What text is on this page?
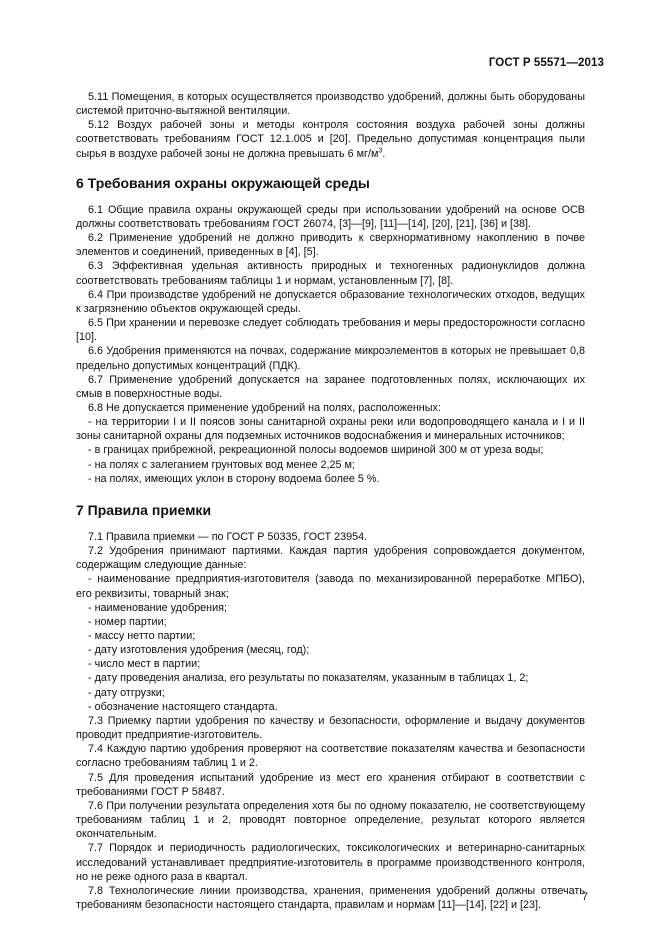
ГОСТ Р 55571—2013

5.11 Помещения, в которых осуществляется производство удобрений, должны быть оборудованы системой приточно-вытяжной вентиляции.

5.12 Воздух рабочей зоны и методы контроля состояния воздуха рабочей зоны должны соответствовать требованиям ГОСТ 12.1.005 и [20]. Предельно допустимая концентрация пыли сырья в воздухе рабочей зоны не должна превышать 6 $мг/м^3$.

6 Требования охраны окружающей среды

6.1 Общие правила охраны окружающей среды при использовании удобрений на основе ОСВ должны соответствовать требованиям ГОСТ 26074, [3]—[9], [11]—[14], [20], [21], [36] и [38].

6.2 Применение удобрений не должно приводить к сверхнормативному накоплению в почве элементов и соединений, приведенных в [4], [5].

6.3 Эффективная удельная активность природных и техногенных радионуклидов должна соответствовать требованиям таблицы 1 и нормам, установленным [7], [8].

6.4 При производстве удобрений не допускается образование технологических отходов, ведущих к загрязнению объектов окружающей среды.

6.5 При хранении и перевозке следует соблюдать требования и меры предосторожности согласно [10].

6.6 Удобрения применяются на почвах, содержание микроэлементов в которых не превышает 0,8 предельно допустимых концентраций (ПДК).

6.7 Применение удобрений допускается на заранее подготовленных полях, исключающих их смыв в поверхностные воды.

6.8 Не допускается применение удобрений на полях, расположенных:

- на территории I и II поясов зоны санитарной охраны реки или водопроводящего канала и I и II зоны санитарной охраны для подземных источников водоснабжения и минеральных источников;

- в границах прибрежной, рекреационной полосы водоемов шириной 300 м от уреза воды;

- на полях с залеганием грунтовых вод менее 2,25 м;

- на полях, имеющих уклон в сторону водоема более 5 %.

7 Правила приемки

7.1 Правила приемки — по ГОСТ Р 50335, ГОСТ 23954.

7.2 Удобрения принимают партиями. Каждая партия удобрения сопровождается документом, содержащим следующие данные:

- наименование предприятия-изготовителя (завода по механизированной переработке МПБО), его реквизиты, товарный знак;

- наименование удобрения;

- номер партии;

- массу нетто партии;

- дату изготовления удобрения (месяц, год);

- число мест в партии;

- дату проведения анализа, его результаты по показателям, указанным в таблицах 1, 2;

- дату отгрузки;

- обозначение настоящего стандарта.

7.3 Приемку партии удобрения по качеству и безопасности, оформление и выдачу документов проводит предприятие-изготовитель.

7.4 Каждую партию удобрения проверяют на соответствие показателям качества и безопасности согласно требованиям таблиц 1 и 2.

7.5 Для проведения испытаний удобрение из мест его хранения отбирают в соответствии с требованиями ГОСТ Р 58487.

7.6 При получении результата определения хотя бы по одному показателю, не соответствующему требованиям таблиц 1 и 2, проводят повторное определение, результат которого является окончательным.

7.7 Порядок и периодичность радиологических, токсикологических и ветеринарно-санитарных исследований устанавливает предприятие-изготовитель в программе производственного контроля, но не реже одного раза в квартал.

7.8 Технологические линии производства, хранения, применения удобрений должны отвечать требованиям безопасности настоящего стандарта, правилам и нормам [11]—[14], [22] и [23].

7
